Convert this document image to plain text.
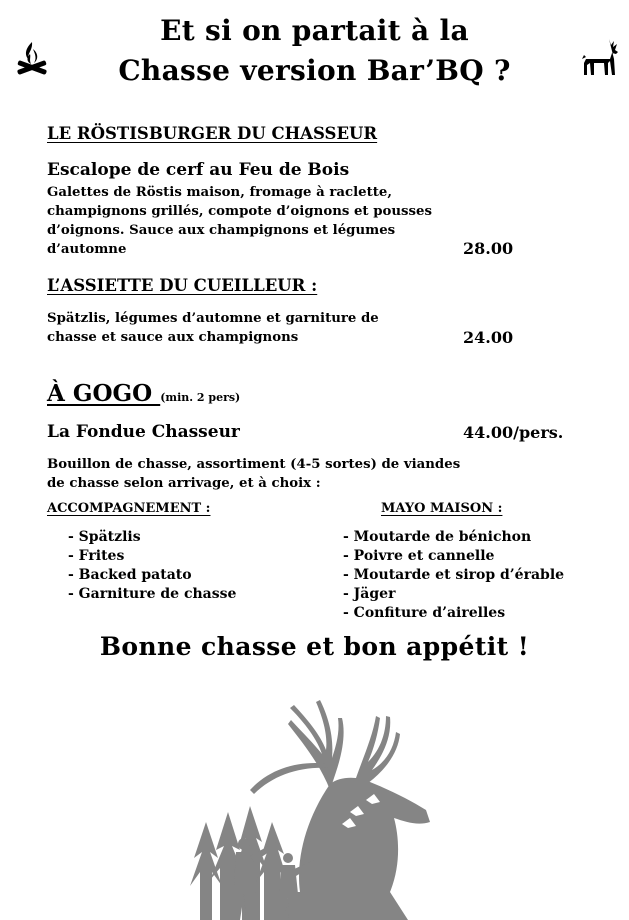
Et si on partait à la
Chasse version Bar’BQ ?
LE RÖSTISBURGER DU CHASSEUR
Escalope de cerf au Feu de Bois
Galettes de Röstis maison, fromage à raclette,
champignons grillés, compote d’oignons et pousses
d’oignons. Sauce aux champignons et légumes
d’automne	28.00
L’ASSIETTE DU CUEILLEUR :
Spätzlis, légumes d’automne et garniture de
chasse et sauce aux champignons	24.00
À GOGO (min. 2 pers)
La Fondue Chasseur	44.00/pers.
Bouillon de chasse, assortiment (4-5 sortes) de viandes
de chasse selon arrivage, et à choix :
ACCOMPAGNEMENT :	MAYO MAISON :
- Spätzlis
- Frites
- Backed patato
- Garniture de chasse
- Moutarde de bénichon
- Poivre et cannelle
- Moutarde et sirop d’érable
- Jäger
- Confiture d’airelles
Bonne chasse et bon appétit !
